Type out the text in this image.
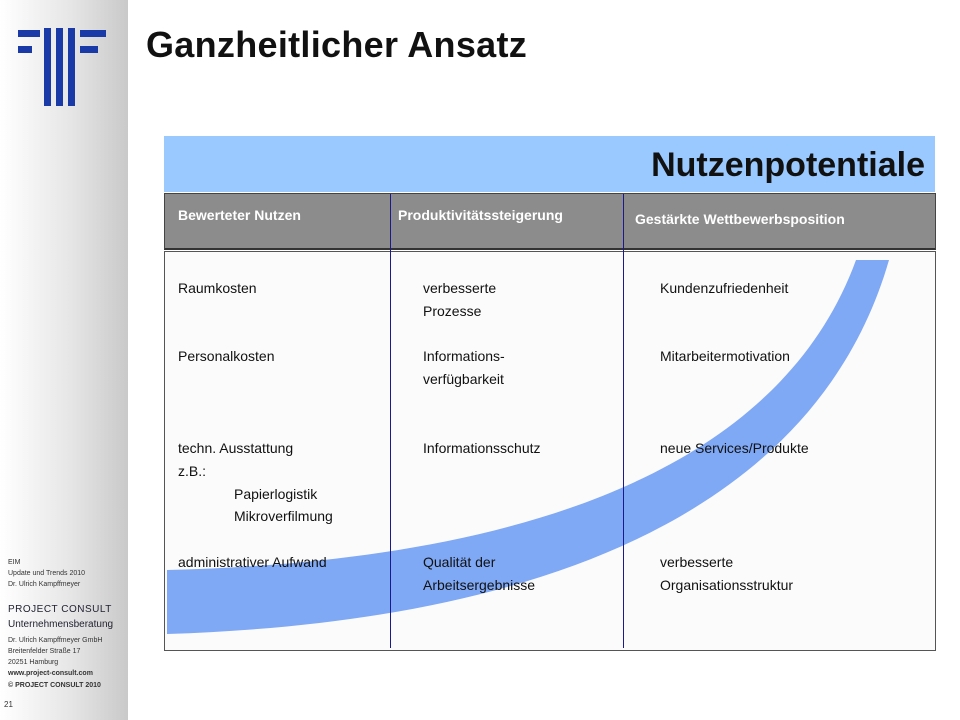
EIM
Update und Trends 2010
Dr. Ulrich Kampffmeyer
PROJECT CONSULT
Unternehmensberatung
Dr. Ulrich Kampffmeyer GmbH
Breitenfelder Straße 17
20251 Hamburg
www.project-consult.com
© PROJECT CONSULT 2010
21
Ganzheitlicher Ansatz
Nutzenpotentiale
Bewerteter Nutzen	Produktivitätssteigerung	Gestärkte Wettbewerbsposition
Raumkosten
Personalkosten
techn. Ausstattung
z.B.:
Papierlogistik
Mikroverfilmung
administrativer Aufwand
verbesserte
Prozesse
Informations-
verfügbarkeit
Informationsschutz
Qualität der
Arbeitsergebnisse
Kundenzufriedenheit
Mitarbeitermotivation
neue Services/Produkte
verbesserte
Organisationsstruktur
